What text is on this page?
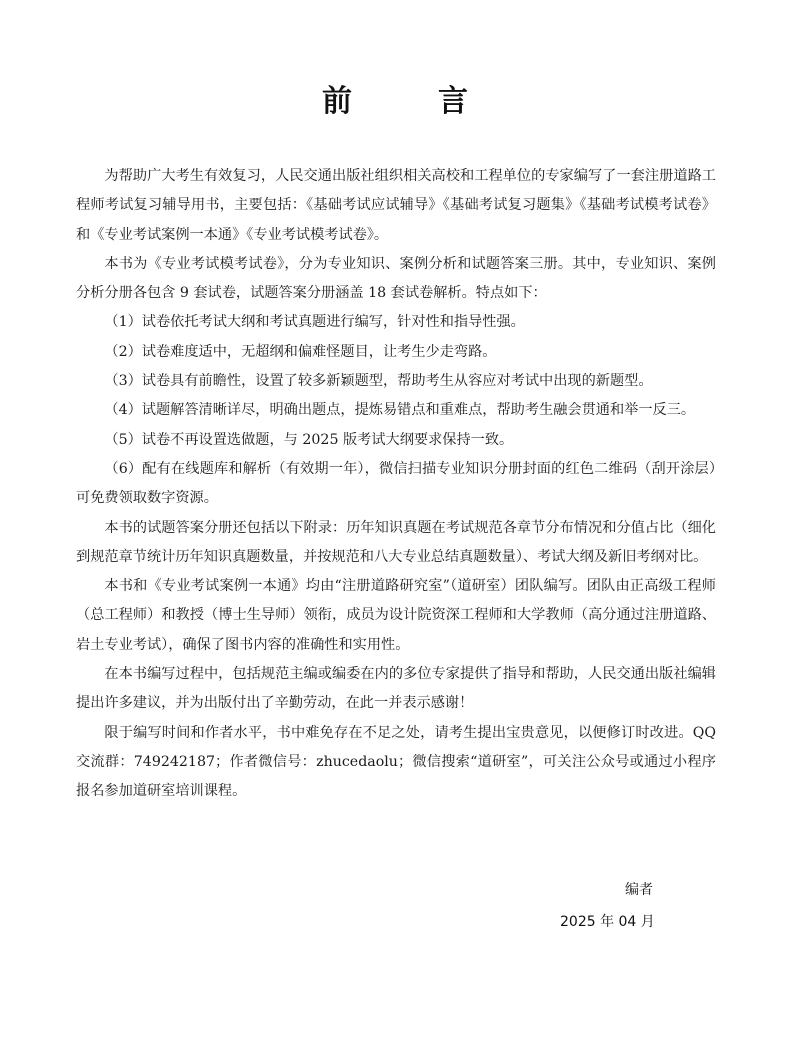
前　言

为帮助广大考生有效复习，人民交通出版社组织相关高校和工程单位的专家编写了一套注册道路工程师考试复习辅导用书，主要包括：《基础考试应试辅导》《基础考试复习题集》《基础考试模考试卷》和《专业考试案例一本通》《专业考试模考试卷》。

本书为《专业考试模考试卷》，分为专业知识、案例分析和试题答案三册。其中，专业知识、案例分析分册各包含 9 套试卷，试题答案分册涵盖 18 套试卷解析。特点如下：

（1）试卷依托考试大纲和考试真题进行编写，针对性和指导性强。

（2）试卷难度适中，无超纲和偏难怪题目，让考生少走弯路。

（3）试卷具有前瞻性，设置了较多新颖题型，帮助考生从容应对考试中出现的新题型。

（4）试题解答清晰详尽，明确出题点，提炼易错点和重难点，帮助考生融会贯通和举一反三。

（5）试卷不再设置选做题，与 2025 版考试大纲要求保持一致。

（6）配有在线题库和解析（有效期一年），微信扫描专业知识分册封面的红色二维码（刮开涂层）可免费领取数字资源。

本书的试题答案分册还包括以下附录：历年知识真题在考试规范各章节分布情况和分值占比（细化到规范章节统计历年知识真题数量，并按规范和八大专业总结真题数量）、考试大纲及新旧考纲对比。

本书和《专业考试案例一本通》均由“注册道路研究室”（道研室）团队编写。团队由正高级工程师（总工程师）和教授（博士生导师）领衔，成员为设计院资深工程师和大学教师（高分通过注册道路、岩土专业考试），确保了图书内容的准确性和实用性。

在本书编写过程中，包括规范主编或编委在内的多位专家提供了指导和帮助，人民交通出版社编辑提出许多建议，并为出版付出了辛勤劳动，在此一并表示感谢！

限于编写时间和作者水平，书中难免存在不足之处，请考生提出宝贵意见，以便修订时改进。QQ交流群：749242187；作者微信号：zhucedaolu；微信搜索“道研室”，可关注公众号或通过小程序报名参加道研室培训课程。

编者
2025 年 04 月
